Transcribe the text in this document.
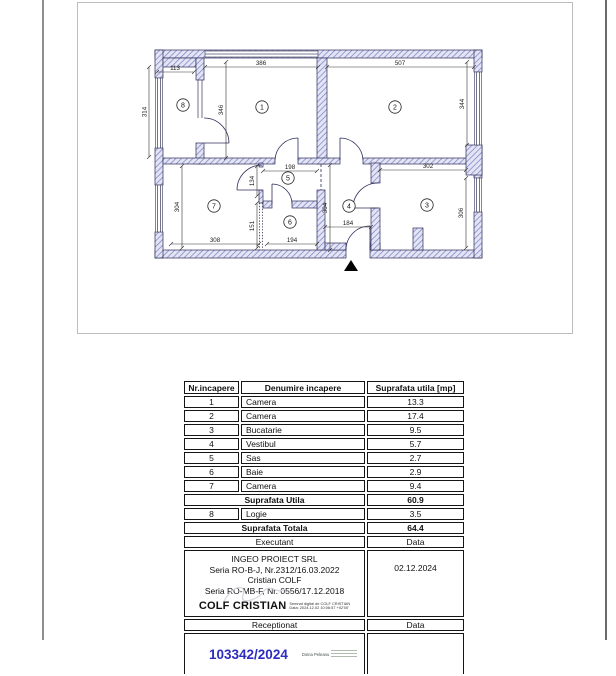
113
386	507
198	302
308	194
184
314	346
344
134
304
304
306
151
1	2
3
4
5
6
7
8
Nr.incapere	Denumire incapere	Suprafata utila [mp]
1	Camera	13.3
2	Camera	17.4
3	Bucatarie	9.5
4	Vestibul	5.7
5	Sas	2.7
6	Baie	2.9
7	Camera	9.4
Suprafata Utila		60.9
8	Logie	3.5
Suprafata Totala		64.4
Executant		Data

INGEO PROIECT SRL
Seria RO-B-J, Nr.2312/16.03.2022
Cristian COLF
Seria RO-MB-F, Nr. 0556/17.12.2018
COLF CRISTIAN Semnat digital de COLF CRISTIAN
Data: 2024.12.02 10:06:57 +02'00'
	02.12.2024
Receptionat		Data

103342/2024 Doina Peleanu		
